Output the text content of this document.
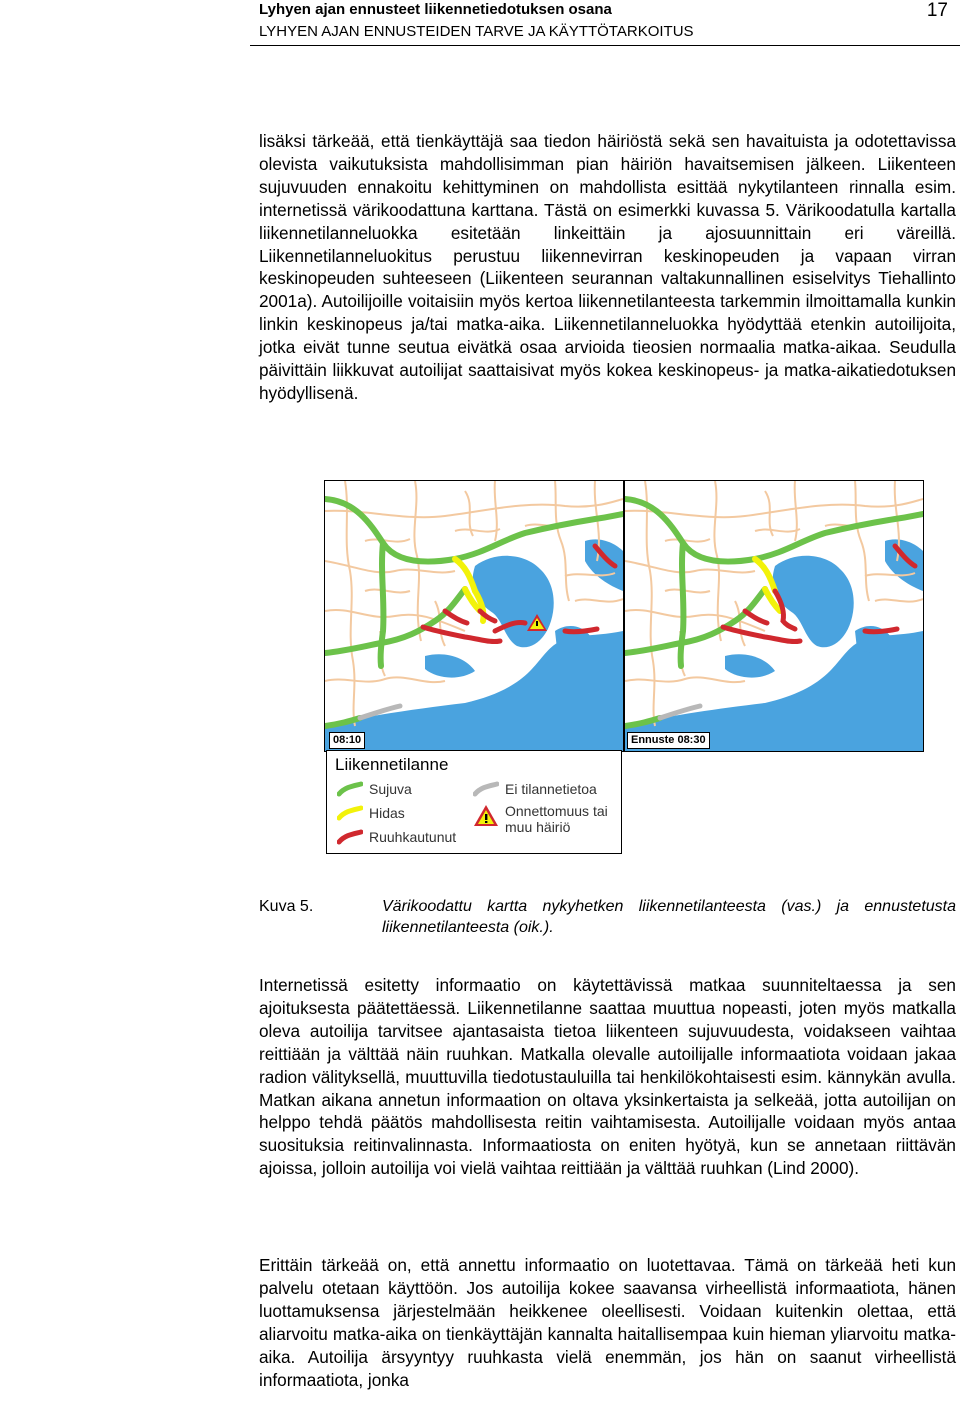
Lyhyen ajan ennusteet liikennetiedotuksen osana
LYHYEN AJAN ENNUSTEIDEN TARVE JA KÄYTTÖTARKOITUS
17

lisäksi tärkeää, että tienkäyttäjä saa tiedon häiriöstä sekä sen havaituista ja odotettavissa olevista vaikutuksista mahdollisimman pian häiriön havaitsemisen jälkeen. Liikenteen sujuvuuden ennakoitu kehittyminen on mahdollista esittää nykytilanteen rinnalla esim. internetissä värikoodattuna karttana. Tästä on esimerkki kuvassa 5. Värikoodatulla kartalla liikennetilanneluokka esitetään linkeittäin ja ajosuunnittain eri väreillä. Liikennetilanneluokitus perustuu liikennevirran keskinopeuden ja vapaan virran keskinopeuden suhteeseen (Liikenteen seurannan valtakunnallinen esiselvitys Tiehallinto 2001a). Autoilijoille voitaisiin myös kertoa liikennetilanteesta tarkemmin ilmoittamalla kunkin linkin keskinopeus ja/tai matka-aika. Liikennetilanneluokka hyödyttää etenkin autoilijoita, jotka eivät tunne seutua eivätkä osaa arvioida tieosien normaalia matka-aikaa. Seudulla päivittäin liikkuvat autoilijat saattaisivat myös kokea keskinopeus- ja matka-aikatiedotuksen hyödyllisenä.

08:10	Ennuste 08:30
Liikennetilanne
Sujuva
Hidas
Ruuhkautunut
Ei tilannetietoa
Onnettomuus tai muu häiriö
Kuva 5.	Värikoodattu kartta nykyhetken liikennetilanteesta (vas.) ja ennustetusta liikennetilanteesta (oik.).

Internetissä esitetty informaatio on käytettävissä matkaa suunniteltaessa ja sen ajoituksesta päätettäessä. Liikennetilanne saattaa muuttua nopeasti, joten myös matkalla oleva autoilija tarvitsee ajantasaista tietoa liikenteen sujuvuudesta, voidakseen vaihtaa reittiään ja välttää näin ruuhkan. Matkalla olevalle autoilijalle informaatiota voidaan jakaa radion välityksellä, muuttuvilla tiedotustauluilla tai henkilökohtaisesti esim. kännykän avulla. Matkan aikana annetun informaation on oltava yksinkertaista ja selkeää, jotta autoilijan on helppo tehdä päätös mahdollisesta reitin vaihtamisesta. Autoilijalle voidaan myös antaa suosituksia reitinvalinnasta. Informaatiosta on eniten hyötyä, kun se annetaan riittävän ajoissa, jolloin autoilija voi vielä vaihtaa reittiään ja välttää ruuhkan (Lind 2000).

Erittäin tärkeää on, että annettu informaatio on luotettavaa. Tämä on tärkeää heti kun palvelu otetaan käyttöön. Jos autoilija kokee saavansa virheellistä informaatiota, hänen luottamuksensa järjestelmään heikkenee oleellisesti. Voidaan kuitenkin olettaa, että aliarvoitu matka-aika on tienkäyttäjän kannalta haitallisempaa kuin hieman yliarvoitu matka-aika. Autoilija ärsyyntyy ruuhkasta vielä enemmän, jos hän on saanut virheellistä informaatiota, jonka
